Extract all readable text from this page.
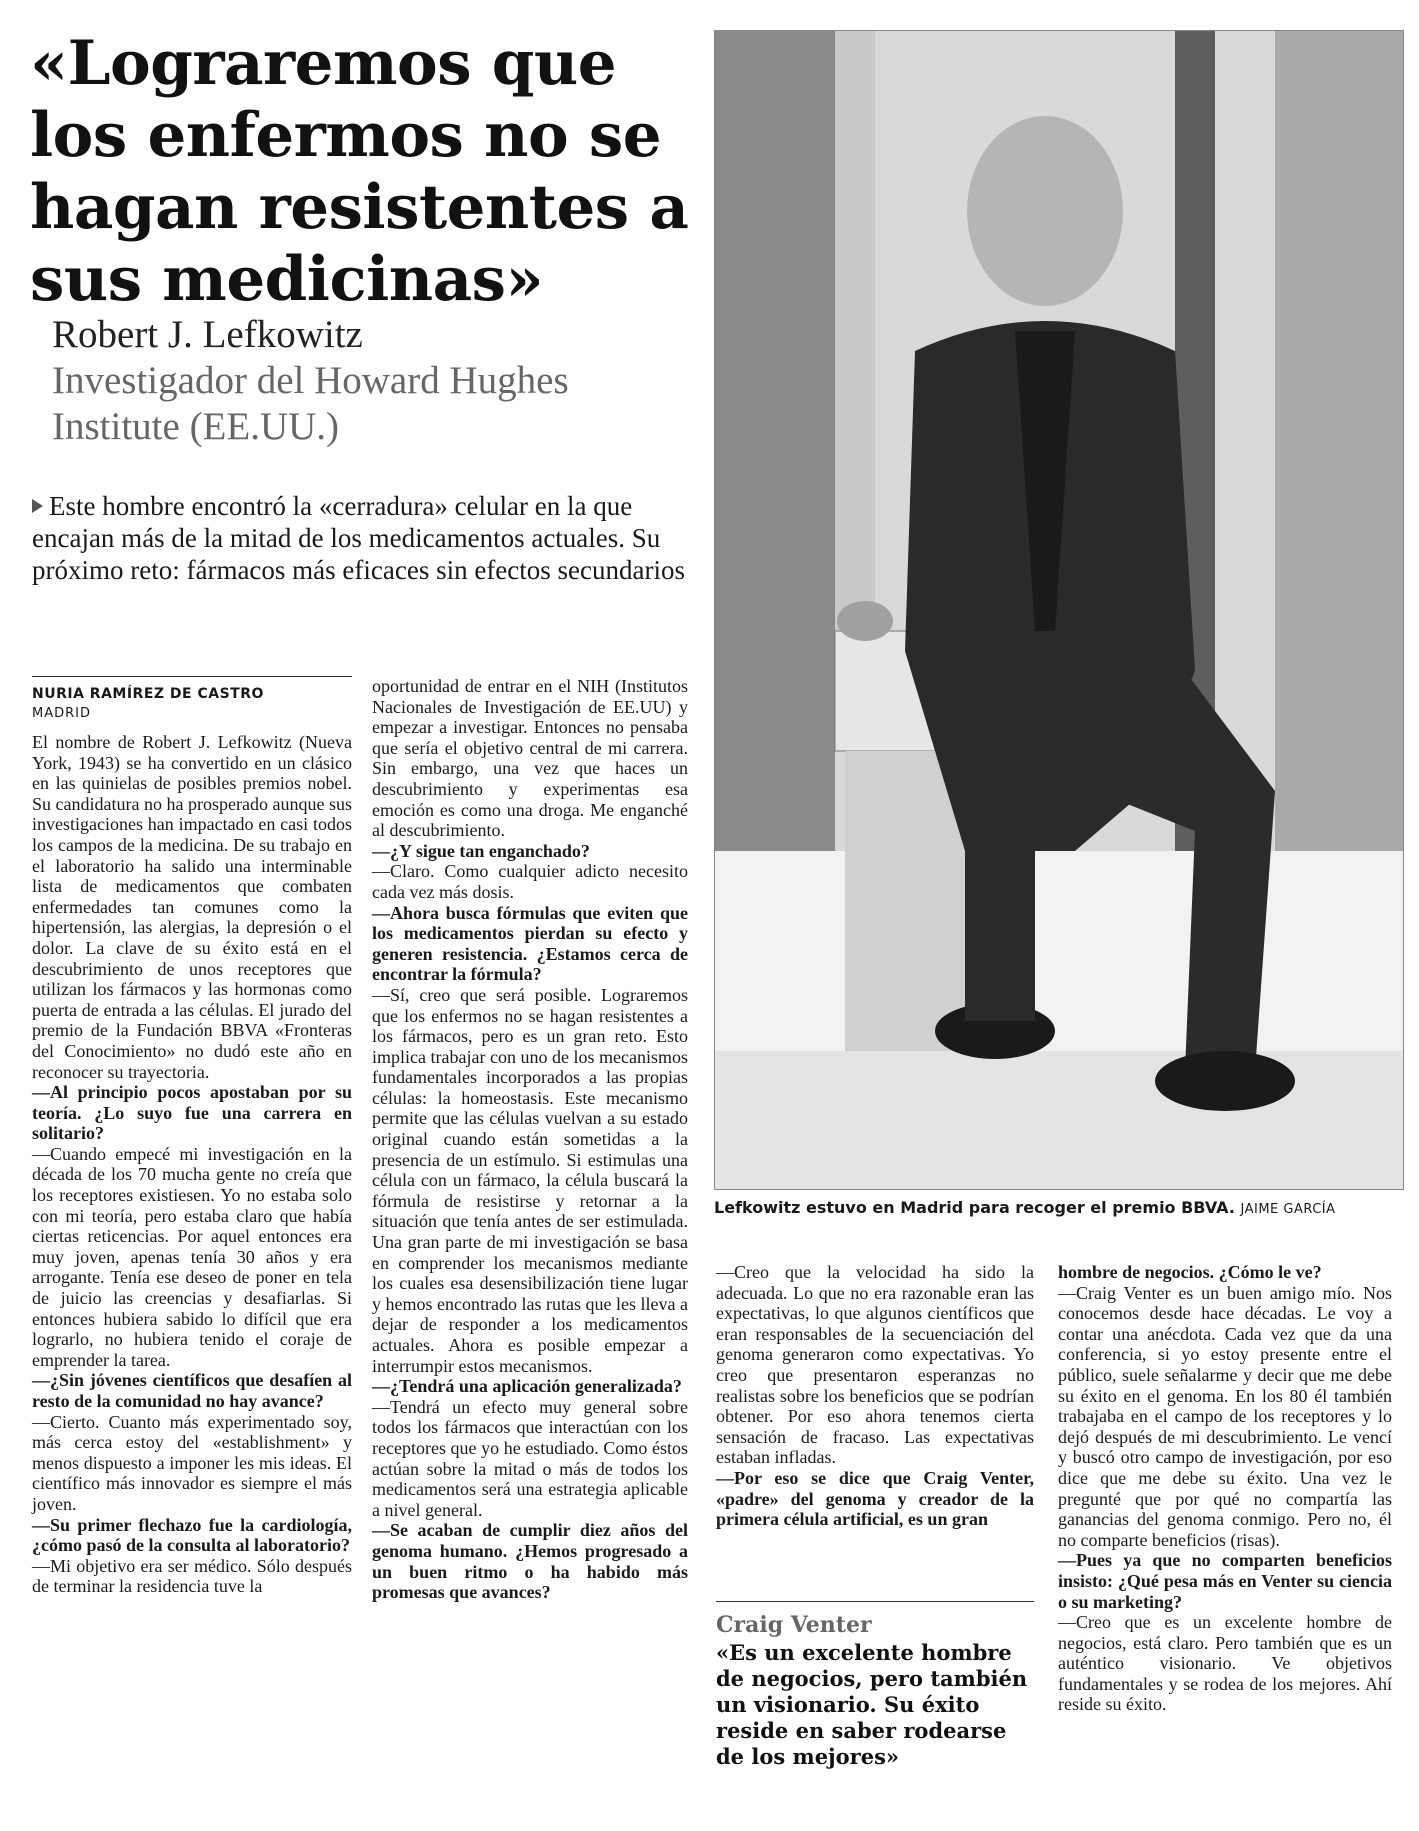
«Lograremos que los enfermos no se hagan resistentes a sus medicinas»

Robert J. Lefkowitz

Investigador del Howard Hughes Institute (EE.UU.)

Este hombre encontró la «cerradura» celular en la que encajan más de la mitad de los medicamentos actuales. Su próximo reto: fármacos más eficaces sin efectos secundarios
Lefkowitz estuvo en Madrid para recoger el premio BBVA. JAIME GARCÍA
NURIA RAMÍREZ DE CASTRO
MADRID

El nombre de Robert J. Lefkowitz (Nueva York, 1943) se ha convertido en un clásico en las quinielas de posibles premios nobel. Su candidatura no ha prosperado aunque sus investigaciones han impactado en casi todos los campos de la medicina. De su trabajo en el laboratorio ha salido una interminable lista de medicamentos que combaten enfermedades tan comunes como la hipertensión, las alergias, la depresión o el dolor. La clave de su éxito está en el descubrimiento de unos receptores que utilizan los fármacos y las hormonas como puerta de entrada a las células. El jurado del premio de la Fundación BBVA «Fronteras del Conocimiento» no dudó este año en reconocer su trayectoria.

—Al principio pocos apostaban por su teoría. ¿Lo suyo fue una carrera en solitario?

—Cuando empecé mi investigación en la década de los 70 mucha gente no creía que los receptores existiesen. Yo no estaba solo con mi teoría, pero estaba claro que había ciertas reticencias. Por aquel entonces era muy joven, apenas tenía 30 años y era arrogante. Tenía ese deseo de poner en tela de juicio las creencias y desafiarlas. Si entonces hubiera sabido lo difícil que era lograrlo, no hubiera tenido el coraje de emprender la tarea.

—¿Sin jóvenes científicos que desafíen al resto de la comunidad no hay avance?

—Cierto. Cuanto más experimentado soy, más cerca estoy del «establishment» y menos dispuesto a imponer les mis ideas. El científico más innovador es siempre el más joven.

—Su primer flechazo fue la cardiología, ¿cómo pasó de la consulta al laboratorio?

—Mi objetivo era ser médico. Sólo después de terminar la residencia tuve la

oportunidad de entrar en el NIH (Institutos Nacionales de Investigación de EE.UU) y empezar a investigar. Entonces no pensaba que sería el objetivo central de mi carrera. Sin embargo, una vez que haces un descubrimiento y experimentas esa emoción es como una droga. Me enganché al descubrimiento.

—¿Y sigue tan enganchado?

—Claro. Como cualquier adicto necesito cada vez más dosis.

—Ahora busca fórmulas que eviten que los medicamentos pierdan su efecto y generen resistencia. ¿Estamos cerca de encontrar la fórmula?

—Sí, creo que será posible. Lograremos que los enfermos no se hagan resistentes a los fármacos, pero es un gran reto. Esto implica trabajar con uno de los mecanismos fundamentales incorporados a las propias células: la homeostasis. Este mecanismo permite que las células vuelvan a su estado original cuando están sometidas a la presencia de un estímulo. Si estimulas una célula con un fármaco, la célula buscará la fórmula de resistirse y retornar a la situación que tenía antes de ser estimulada. Una gran parte de mi investigación se basa en comprender los mecanismos mediante los cuales esa desensibilización tiene lugar y hemos encontrado las rutas que les lleva a dejar de responder a los medicamentos actuales. Ahora es posible empezar a interrumpir estos mecanismos.

—¿Tendrá una aplicación generalizada?

—Tendrá un efecto muy general sobre todos los fármacos que interactúan con los receptores que yo he estudiado. Como éstos actúan sobre la mitad o más de todos los medicamentos será una estrategia aplicable a nivel general.

—Se acaban de cumplir diez años del genoma humano. ¿Hemos progresado a un buen ritmo o ha habido más promesas que avances?

—Creo que la velocidad ha sido la adecuada. Lo que no era razonable eran las expectativas, lo que algunos científicos que eran responsables de la secuenciación del genoma generaron como expectativas. Yo creo que presentaron esperanzas no realistas sobre los beneficios que se podrían obtener. Por eso ahora tenemos cierta sensación de fracaso. Las expectativas estaban infladas.

—Por eso se dice que Craig Venter, «padre» del genoma y creador de la primera célula artificial, es un gran

hombre de negocios. ¿Cómo le ve?

—Craig Venter es un buen amigo mío. Nos conocemos desde hace décadas. Le voy a contar una anécdota. Cada vez que da una conferencia, si yo estoy presente entre el público, suele señalarme y decir que me debe su éxito en el genoma. En los 80 él también trabajaba en el campo de los receptores y lo dejó después de mi descubrimiento. Le vencí y buscó otro campo de investigación, por eso dice que me debe su éxito. Una vez le pregunté que por qué no compartía las ganancias del genoma conmigo. Pero no, él no comparte beneficios (risas).

—Pues ya que no comparten beneficios insisto: ¿Qué pesa más en Venter su ciencia o su marketing?

—Creo que es un excelente hombre de negocios, está claro. Pero también que es un auténtico visionario. Ve objetivos fundamentales y se rodea de los mejores. Ahí reside su éxito.

Craig Venter
«Es un excelente hombre de negocios, pero también un visionario. Su éxito reside en saber rodearse de los mejores»
